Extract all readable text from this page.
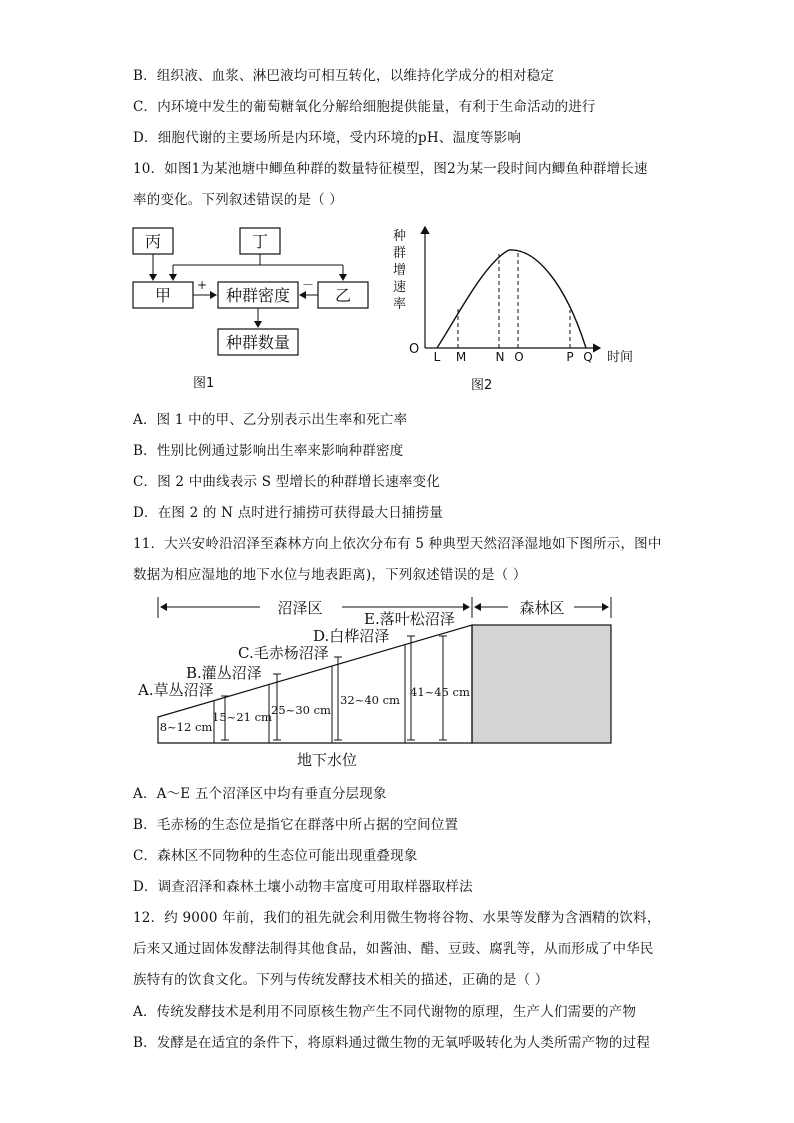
B．组织液、血浆、淋巴液均可相互转化，以维持化学成分的相对稳定
C．内环境中发生的葡萄糖氧化分解给细胞提供能量，有利于生命活动的进行
D．细胞代谢的主要场所是内环境，受内环境的pH、温度等影响
10．如图1为某池塘中鲫鱼种群的数量特征模型，图2为某一段时间内鲫鱼种群增长速
率的变化。下列叙述错误的是（ ）
丙	丁
甲	种群密度	乙
种群数量
+	－
图1
种
群
增
速
率
O L M N O	P Q 时间
图2
A．图 1 中的甲、乙分别表示出生率和死亡率
B．性别比例通过影响出生率来影响种群密度
C．图 2 中曲线表示 S 型增长的种群增长速率变化
D．在图 2 的 N 点时进行捕捞可获得最大日捕捞量
11．大兴安岭沿沼泽至森林方向上依次分布有 5 种典型天然沼泽湿地如下图所示，图中
数据为相应湿地的地下水位与地表距离)，下列叙述错误的是（ ）
沼泽区	森林区
A.草丛沼泽
B.灌丛沼泽
C.毛赤杨沼泽
D.白桦沼泽
E.落叶松沼泽
8~12 cm
15~21 cm 25~30 cm
32~40 cm
41~45 cm
地下水位
A．A～E 五个沼泽区中均有垂直分层现象
B．毛赤杨的生态位是指它在群落中所占据的空间位置
C．森林区不同物种的生态位可能出现重叠现象
D．调查沼泽和森林土壤小动物丰富度可用取样器取样法
12．约 9000 年前，我们的祖先就会利用微生物将谷物、水果等发酵为含酒精的饮料，
后来又通过固体发酵法制得其他食品，如酱油、醋、豆豉、腐乳等，从而形成了中华民
族特有的饮食文化。下列与传统发酵技术相关的描述，正确的是（ ）
A．传统发酵技术是利用不同原核生物产生不同代谢物的原理，生产人们需要的产物
B．发酵是在适宜的条件下，将原料通过微生物的无氧呼吸转化为人类所需产物的过程
